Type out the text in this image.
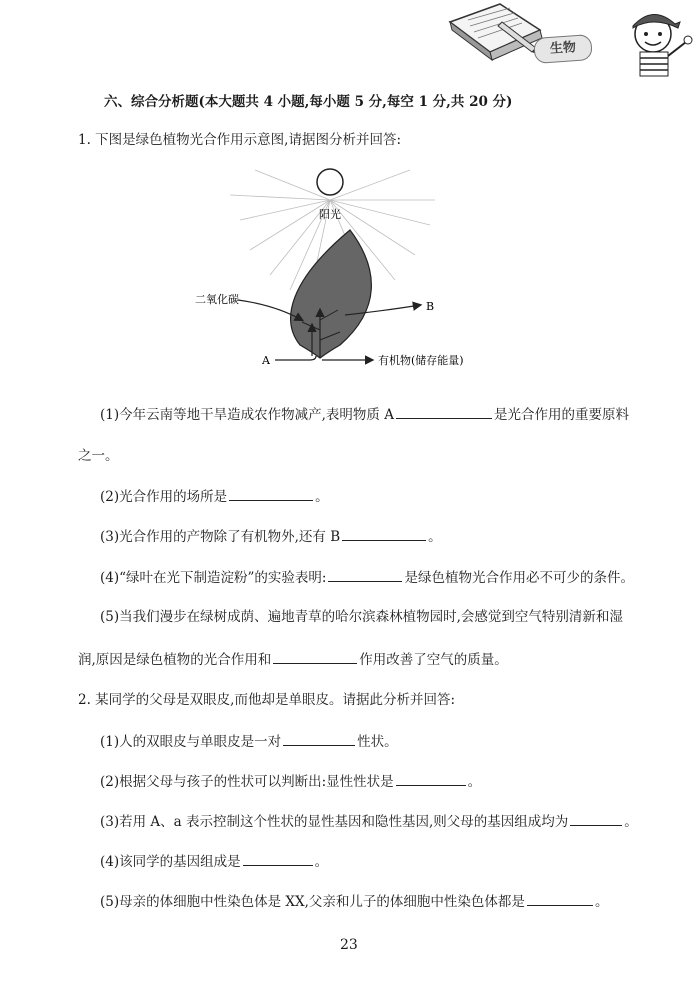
生物
六、综合分析题(本大题共 4 小题,每小题 5 分,每空 1 分,共 20 分)
1. 下图是绿色植物光合作用示意图,请据图分析并回答:
阳光
二氧化碳
B
A	有机物(储存能量)
(1)今年云南等地干旱造成农作物减产,表明物质 A	是光合作用的重要原料
之一。
(2)光合作用的场所是	。
(3)光合作用的产物除了有机物外,还有 B	。
(4)“绿叶在光下制造淀粉”的实验表明:	是绿色植物光合作用必不可少的条件。
(5)当我们漫步在绿树成荫、遍地青草的哈尔滨森林植物园时,会感觉到空气特别清新和湿
润,原因是绿色植物的光合作用和	作用改善了空气的质量。
2. 某同学的父母是双眼皮,而他却是单眼皮。请据此分析并回答:
(1)人的双眼皮与单眼皮是一对	性状。
(2)根据父母与孩子的性状可以判断出:显性性状是	。
(3)若用 A、a 表示控制这个性状的显性基因和隐性基因,则父母的基因组成均为	。
(4)该同学的基因组成是	。
(5)母亲的体细胞中性染色体是 XX,父亲和儿子的体细胞中性染色体都是	。
23
